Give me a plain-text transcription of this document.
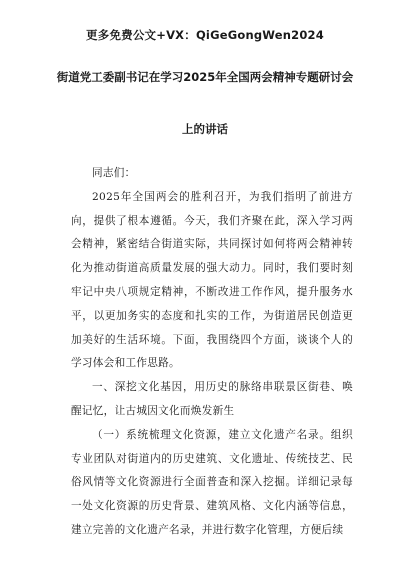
更多免费公文+VX：QiGeGongWen2024
街道党工委副书记在学习2025年全国两会精神专题研讨会
上的讲话

同志们：

2025年全国两会的胜利召开，为我们指明了前进方向，提供了根本遵循。今天，我们齐聚在此，深入学习两会精神，紧密结合街道实际，共同探讨如何将两会精神转化为推动街道高质量发展的强大动力。同时，我们要时刻牢记中央八项规定精神，不断改进工作作风，提升服务水平，以更加务实的态度和扎实的工作，为街道居民创造更加美好的生活环境。下面，我围绕四个方面，谈谈个人的学习体会和工作思路。

一、深挖文化基因，用历史的脉络串联景区街巷、唤醒记忆，让古城因文化而焕发新生

（一）系统梳理文化资源，建立文化遗产名录。组织专业团队对街道内的历史建筑、文化遗址、传统技艺、民俗风情等文化资源进行全面普查和深入挖掘。详细记录每一处文化资源的历史背景、建筑风格、文化内涵等信息，建立完善的文化遗产名录，并进行数字化管理，方便后续
